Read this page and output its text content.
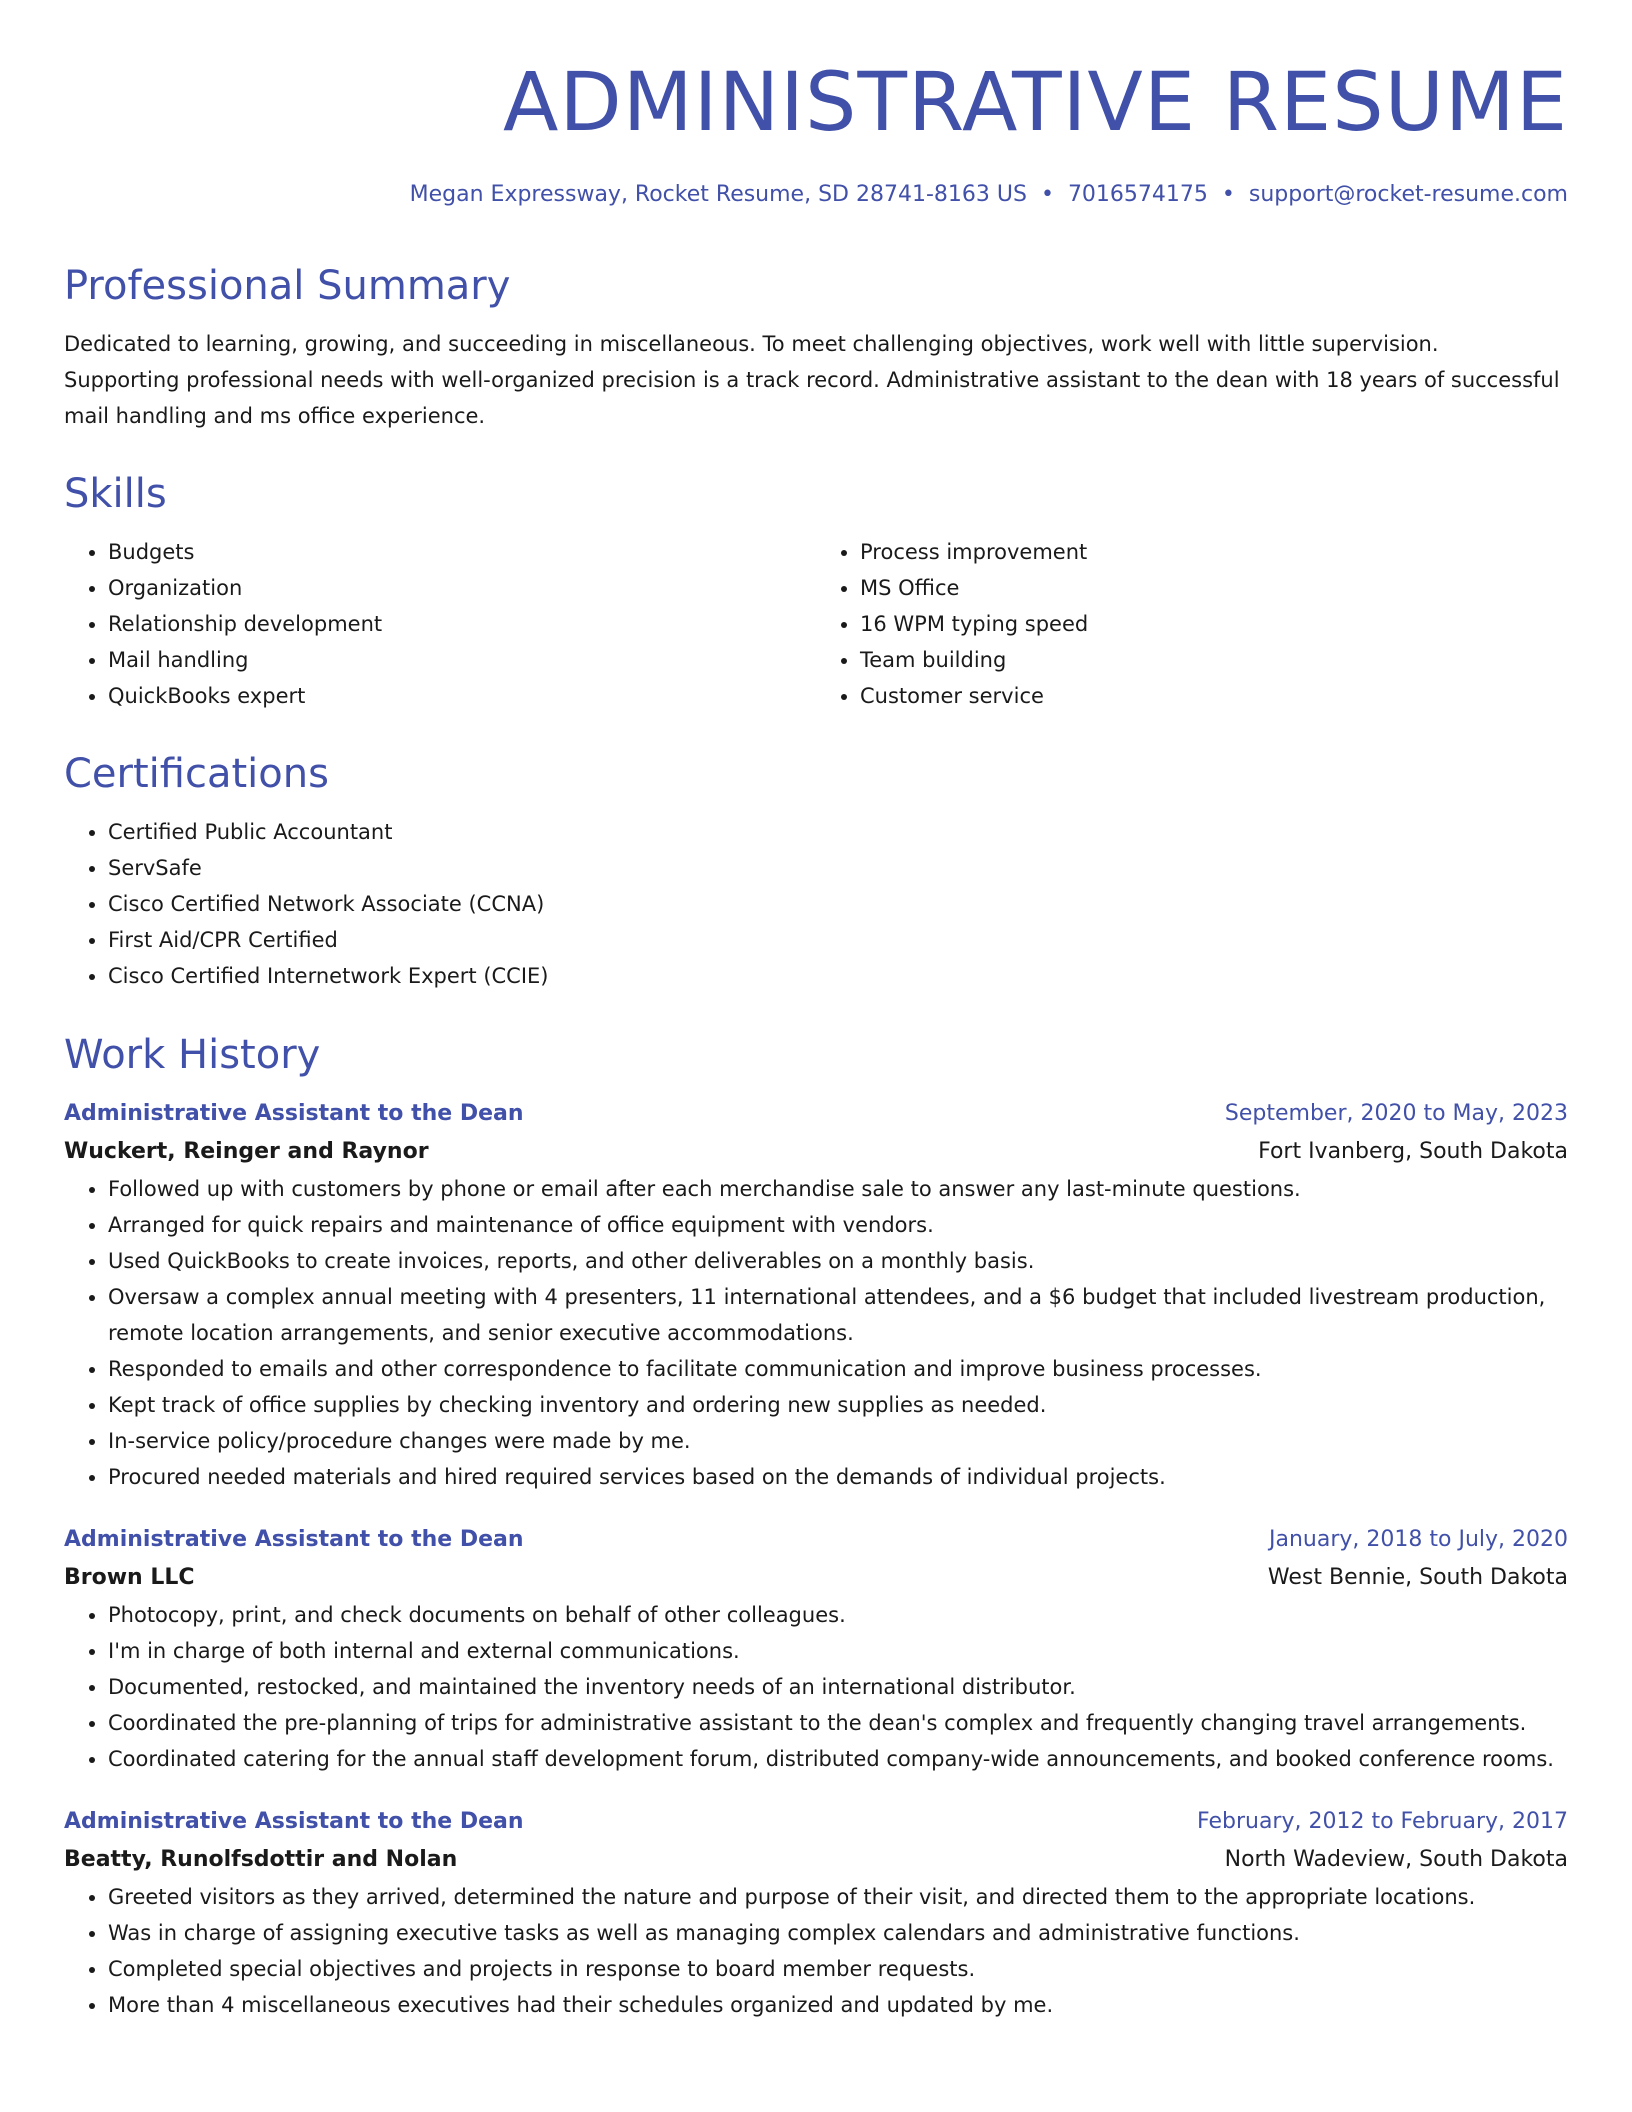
ADMINISTRATIVE RESUME
Megan Expressway, Rocket Resume, SD 28741-8163 US • 7016574175 • support@rocket-resume.com
Professional Summary

Dedicated to learning, growing, and succeeding in miscellaneous. To meet challenging objectives, work well with little supervision.
Supporting professional needs with well-organized precision is a track record. Administrative assistant to the dean with 18 years of successful
mail handling and ms office experience.

Skills
• Budgets
• Organization
• Relationship development
• Mail handling
• QuickBooks expert
• Process improvement
• MS Office
• 16 WPM typing speed
• Team building
• Customer service
Certifications
• Certified Public Accountant
• ServSafe
• Cisco Certified Network Associate (CCNA)
• First Aid/CPR Certified
• Cisco Certified Internetwork Expert (CCIE)
Work History
Administrative Assistant to the Dean	September, 2020 to May, 2023
Wuckert, Reinger and Raynor	Fort Ivanberg, South Dakota
• Followed up with customers by phone or email after each merchandise sale to answer any last-minute questions.
• Arranged for quick repairs and maintenance of office equipment with vendors.
• Used QuickBooks to create invoices, reports, and other deliverables on a monthly basis.
• Oversaw a complex annual meeting with 4 presenters, 11 international attendees, and a $6 budget that included livestream production, remote location arrangements, and senior executive accommodations.
• Responded to emails and other correspondence to facilitate communication and improve business processes.
• Kept track of office supplies by checking inventory and ordering new supplies as needed.
• In-service policy/procedure changes were made by me.
• Procured needed materials and hired required services based on the demands of individual projects.
Administrative Assistant to the Dean	January, 2018 to July, 2020
Brown LLC	West Bennie, South Dakota
• Photocopy, print, and check documents on behalf of other colleagues.
• I'm in charge of both internal and external communications.
• Documented, restocked, and maintained the inventory needs of an international distributor.
• Coordinated the pre-planning of trips for administrative assistant to the dean's complex and frequently changing travel arrangements.
• Coordinated catering for the annual staff development forum, distributed company-wide announcements, and booked conference rooms.
Administrative Assistant to the Dean	February, 2012 to February, 2017
Beatty, Runolfsdottir and Nolan	North Wadeview, South Dakota
• Greeted visitors as they arrived, determined the nature and purpose of their visit, and directed them to the appropriate locations.
• Was in charge of assigning executive tasks as well as managing complex calendars and administrative functions.
• Completed special objectives and projects in response to board member requests.
• More than 4 miscellaneous executives had their schedules organized and updated by me.
